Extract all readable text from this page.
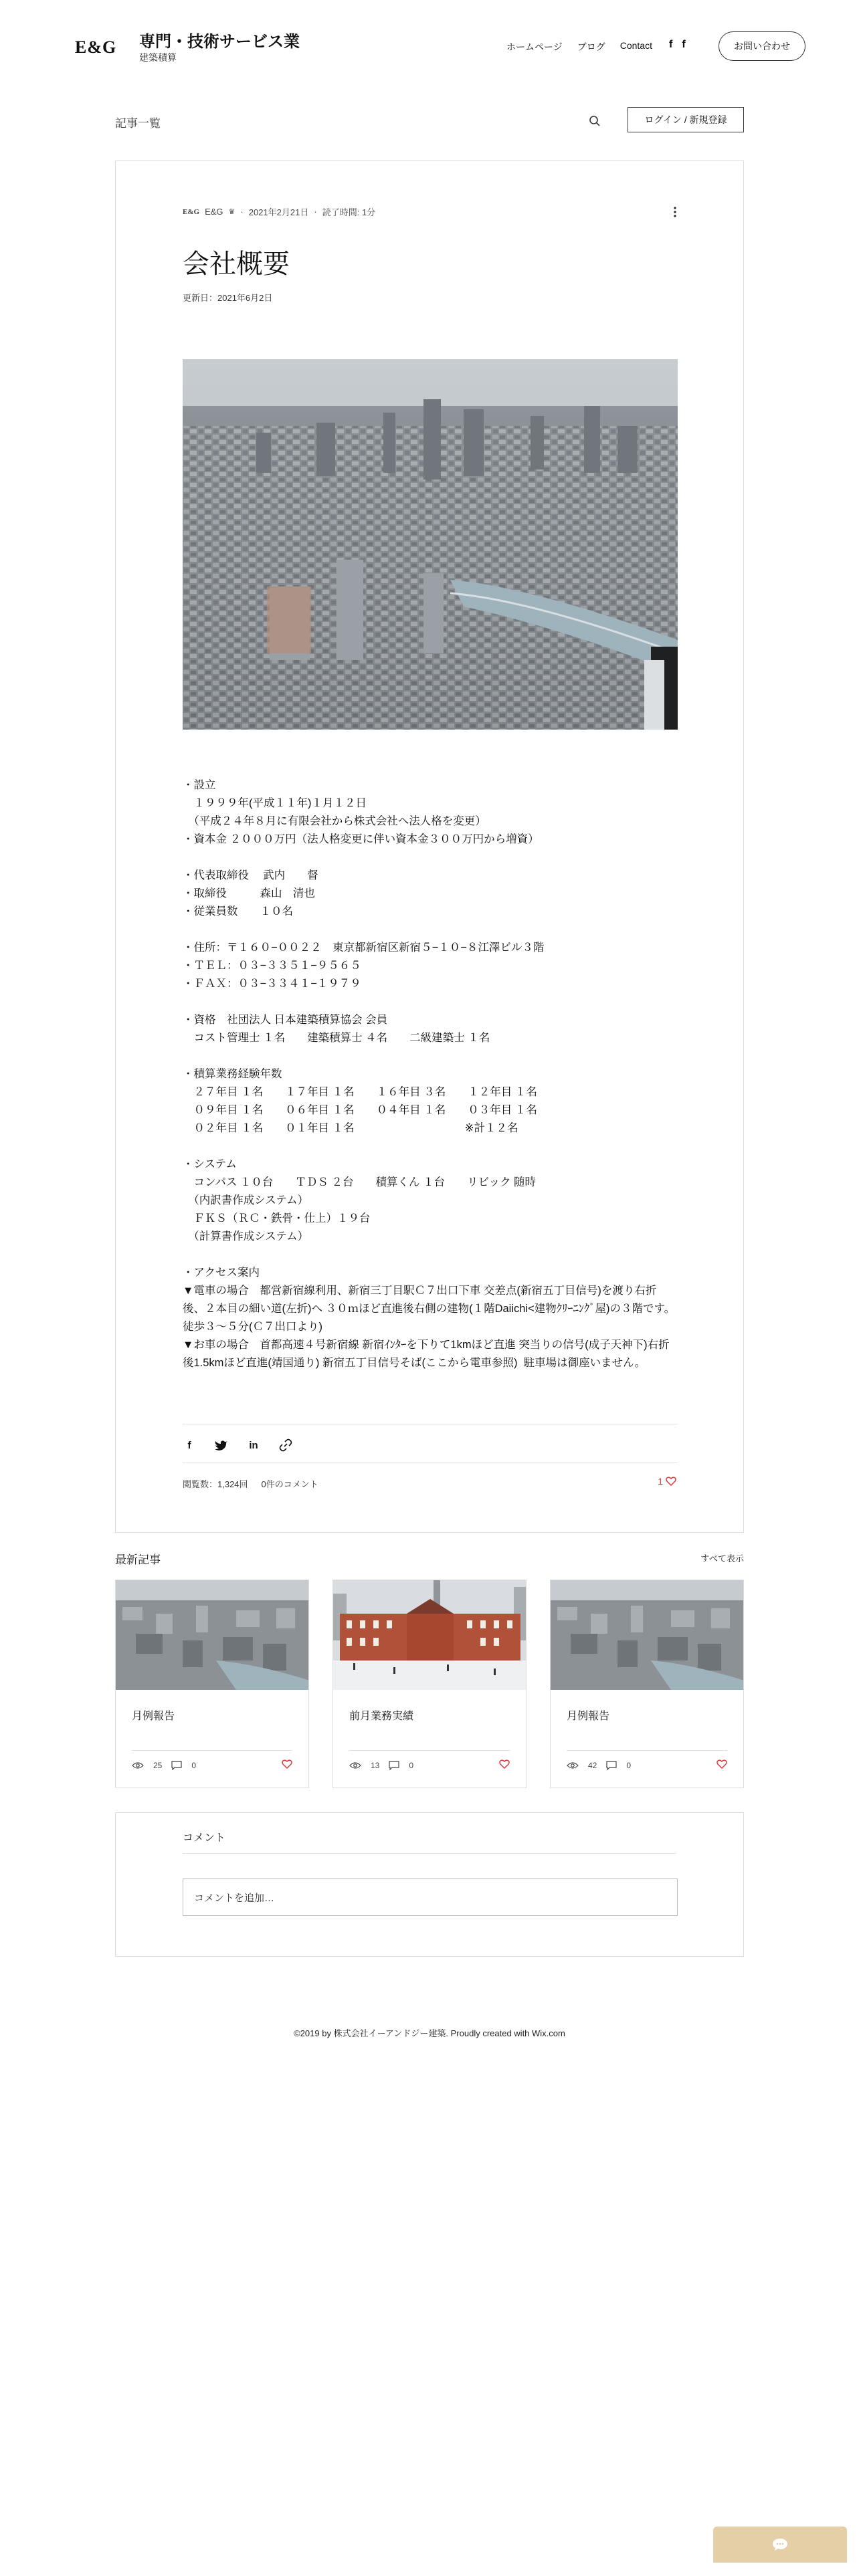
E&G 専門・技術サービス業
建築積算
ホームページ ブログ Contact f f	お問い合わせ
記事一覧	ログイン / 新規登録
E&G E&G ♛ · 2021年2月21日 · 読了時間: 1分
会社概要
更新日：2021年6月2日
・設立
　１９９９年(平成１１年)１月１２日
　（平成２４年８月に有限会社から株式会社へ法人格を変更）
・資本金 ２０００万円（法人格変更に伴い資本金３００万円から増資）

・代表取締役　 武内　　督
・取締役　　　森山　清也
・従業員数　　１０名

・住所：〒１６０−００２２　東京都新宿区新宿５−１０−８江澤ビル３階
・ＴＥＬ：０３−３３５１−９５６５
・ＦＡＸ：０３−３３４１−１９７９

・資格　社団法人 日本建築積算協会 会員
　コスト管理士 １名　　建築積算士 ４名　　二級建築士 １名

・積算業務経験年数
　２７年目 １名　　１７年目 １名　　１６年目 ３名　　１２年目 １名
　０９年目 １名　　０６年目 １名　　０４年目 １名　　０３年目 １名
　０２年目 １名　　０１年目 １名　　　　　　　　　　※計１２名

・システム
　コンパス １０台　　ＴＤＳ ２台　　積算くん １台　　リビック 随時
　（内訳書作成システム）
　ＦＫＳ（ＲＣ・鉄骨・仕上）１９台
　（計算書作成システム）

・アクセス案内
▼電車の場合　都営新宿線利用、新宿三丁目駅Ｃ７出口下車 交差点(新宿五丁目信号)を渡り右折後、２本目の細い道(左折)へ ３０ｍほど直進後右側の建物(１階Daiichi<建物ｸﾘｰﾆﾝｸﾞ屋)の３階です。 徒歩３〜５分(Ｃ７出口より)
▼お車の場合　首都高速４号新宿線 新宿ｲﾝﾀｰを下りて1kmほど直進 突当りの信号(成子天神下)右折後1.5kmほど直進(靖国通り) 新宿五丁目信号そば(ここから電車参照)  駐車場は御座いません。
f	in
閲覧数：1,324回 0件のコメント	1
最新記事	すべて表示
月例報告
25	0
前月業務実績
13	0
月例報告
42	0
コメント
コメントを追加…
©2019 by 株式会社イーアンドジー建築. Proudly created with Wix.com
